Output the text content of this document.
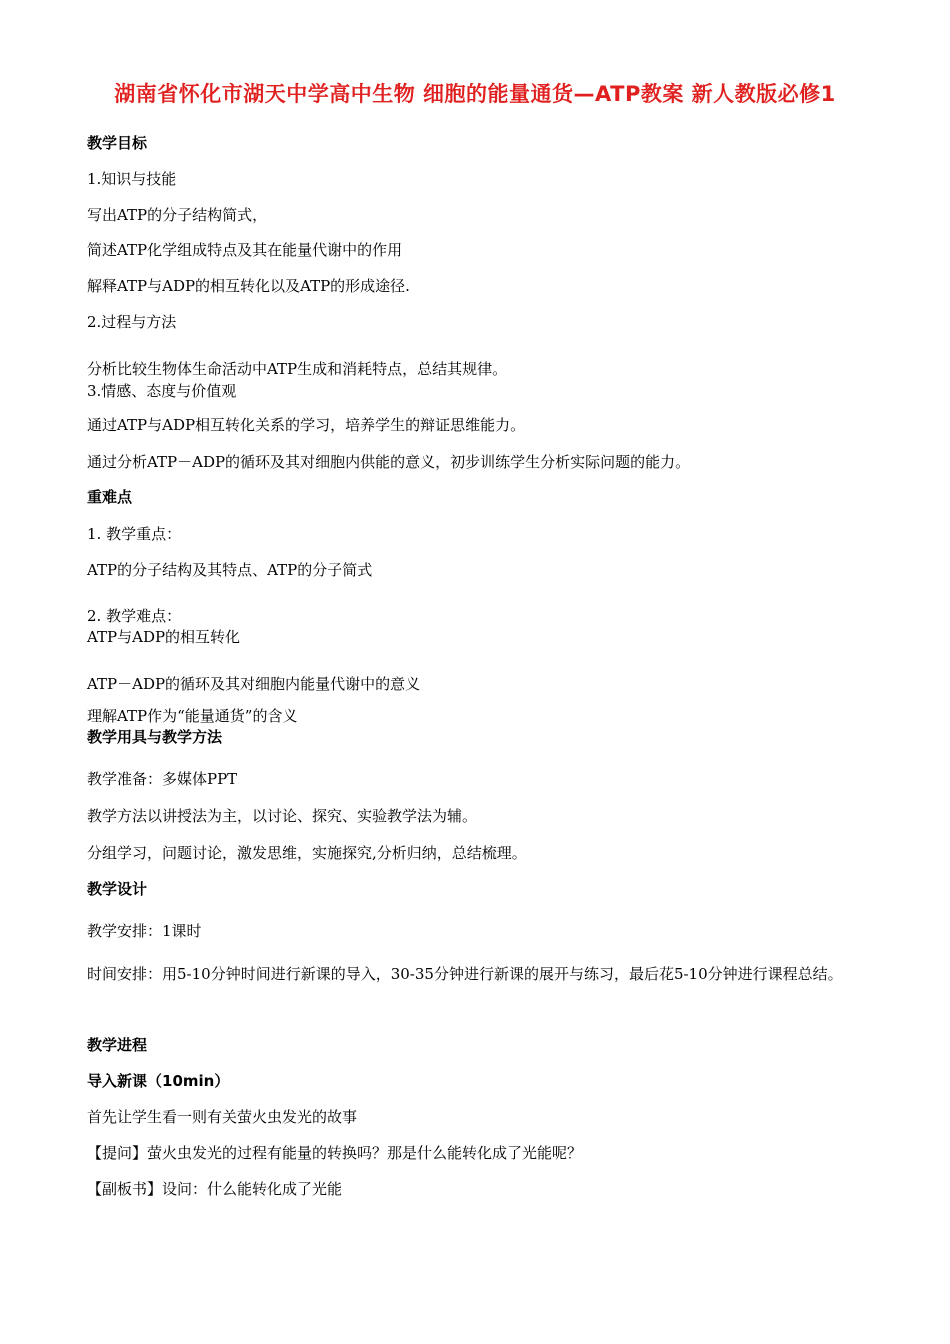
湖南省怀化市湖天中学高中生物 细胞的能量通货—ATP教案 新人教版必修1
教学目标
1.知识与技能
写出ATP的分子结构简式，
简述ATP化学组成特点及其在能量代谢中的作用
解释ATP与ADP的相互转化以及ATP的形成途径.
2.过程与方法
分析比较生物体生命活动中ATP生成和消耗特点，总结其规律。
3.情感、态度与价值观
通过ATP与ADP相互转化关系的学习，培养学生的辩证思维能力。
通过分析ATP－ADP的循环及其对细胞内供能的意义，初步训练学生分析实际问题的能力。
重难点
1. 教学重点：
ATP的分子结构及其特点、ATP的分子简式
2. 教学难点：
ATP与ADP的相互转化
ATP－ADP的循环及其对细胞内能量代谢中的意义
理解ATP作为“能量通货”的含义
教学用具与教学方法
教学准备：多媒体PPT
教学方法以讲授法为主，以讨论、探究、实验教学法为辅。
分组学习，问题讨论，激发思维，实施探究,分析归纳，总结梳理。
教学设计
教学安排：1课时
时间安排：用5-10分钟时间进行新课的导入，30-35分钟进行新课的展开与练习，最后花5-10分钟进行课程总结。
教学进程
导入新课（10min）
首先让学生看一则有关萤火虫发光的故事
【提问】萤火虫发光的过程有能量的转换吗？那是什么能转化成了光能呢？
【副板书】设问：什么能转化成了光能
